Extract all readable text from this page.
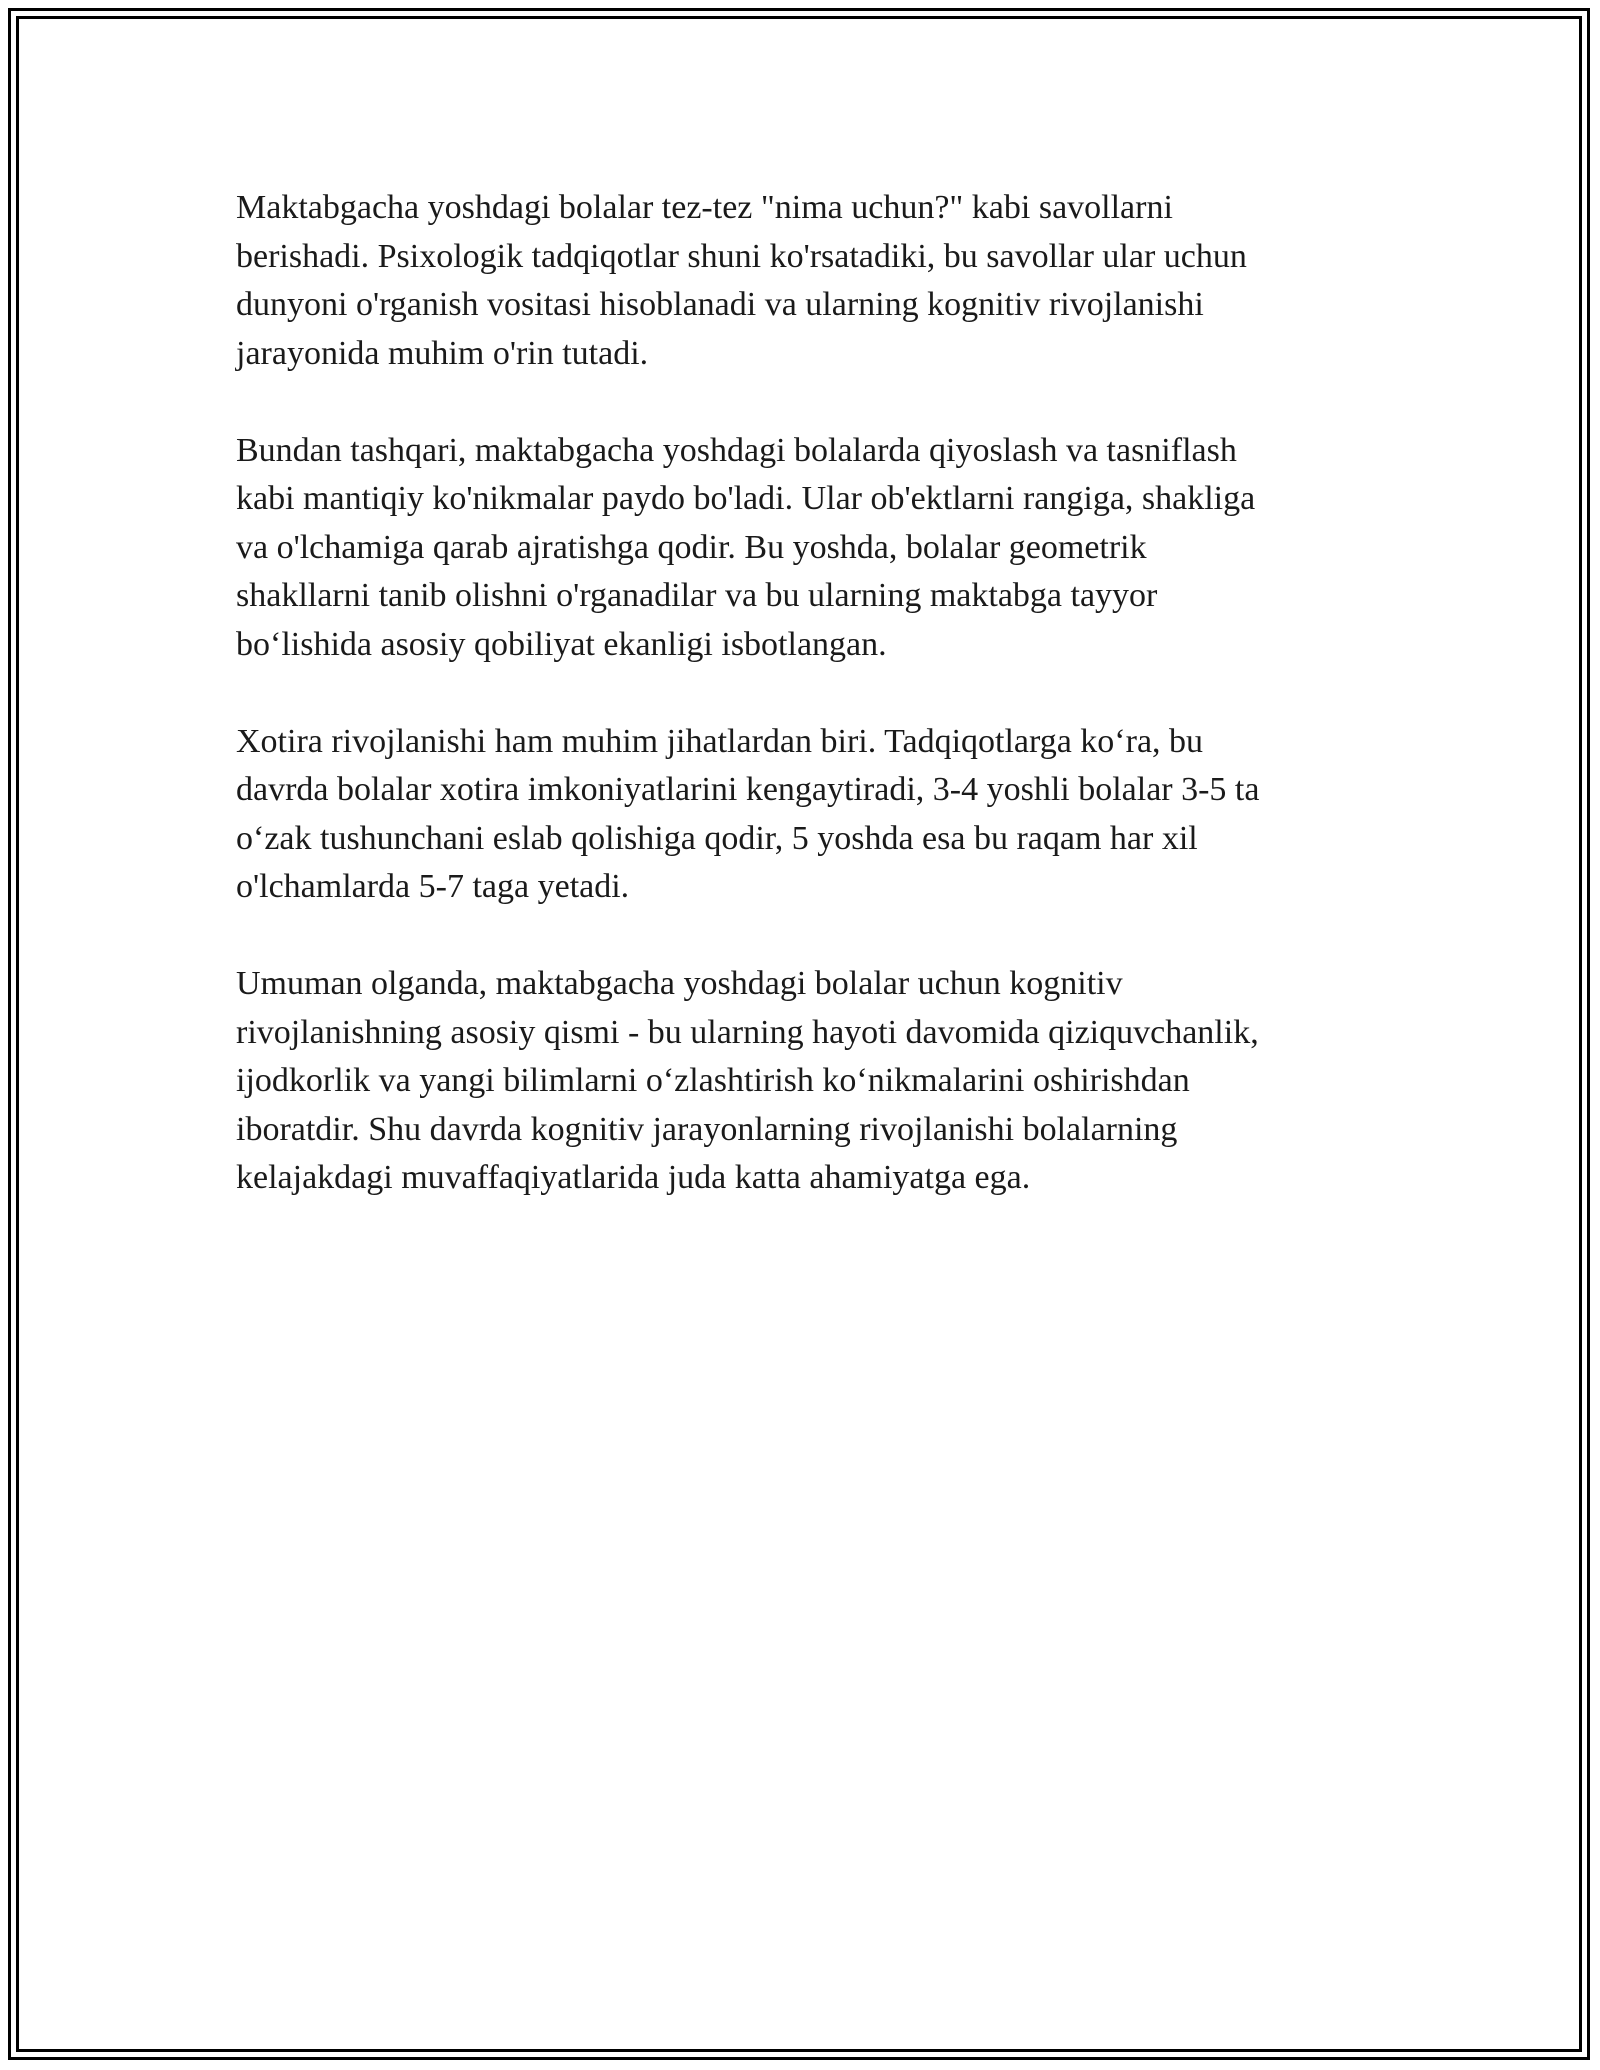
Maktabgacha yoshdagi bolalar tez-tez "nima uchun?" kabi savollarni
berishadi. Psixologik tadqiqotlar shuni ko'rsatadiki, bu savollar ular uchun
dunyoni o'rganish vositasi hisoblanadi va ularning kognitiv rivojlanishi
jarayonida muhim o'rin tutadi.

Bundan tashqari, maktabgacha yoshdagi bolalarda qiyoslash va tasniflash
kabi mantiqiy ko'nikmalar paydo bo'ladi. Ular ob'ektlarni rangiga, shakliga
va o'lchamiga qarab ajratishga qodir. Bu yoshda, bolalar geometrik
shakllarni tanib olishni o'rganadilar va bu ularning maktabga tayyor
bo‘lishida asosiy qobiliyat ekanligi isbotlangan.

Xotira rivojlanishi ham muhim jihatlardan biri. Tadqiqotlarga ko‘ra, bu
davrda bolalar xotira imkoniyatlarini kengaytiradi, 3-4 yoshli bolalar 3-5 ta
o‘zak tushunchani eslab qolishiga qodir, 5 yoshda esa bu raqam har xil
o'lchamlarda 5-7 taga yetadi.

Umuman olganda, maktabgacha yoshdagi bolalar uchun kognitiv
rivojlanishning asosiy qismi - bu ularning hayoti davomida qiziquvchanlik,
ijodkorlik va yangi bilimlarni o‘zlashtirish ko‘nikmalarini oshirishdan
iboratdir. Shu davrda kognitiv jarayonlarning rivojlanishi bolalarning
kelajakdagi muvaffaqiyatlarida juda katta ahamiyatga ega.
